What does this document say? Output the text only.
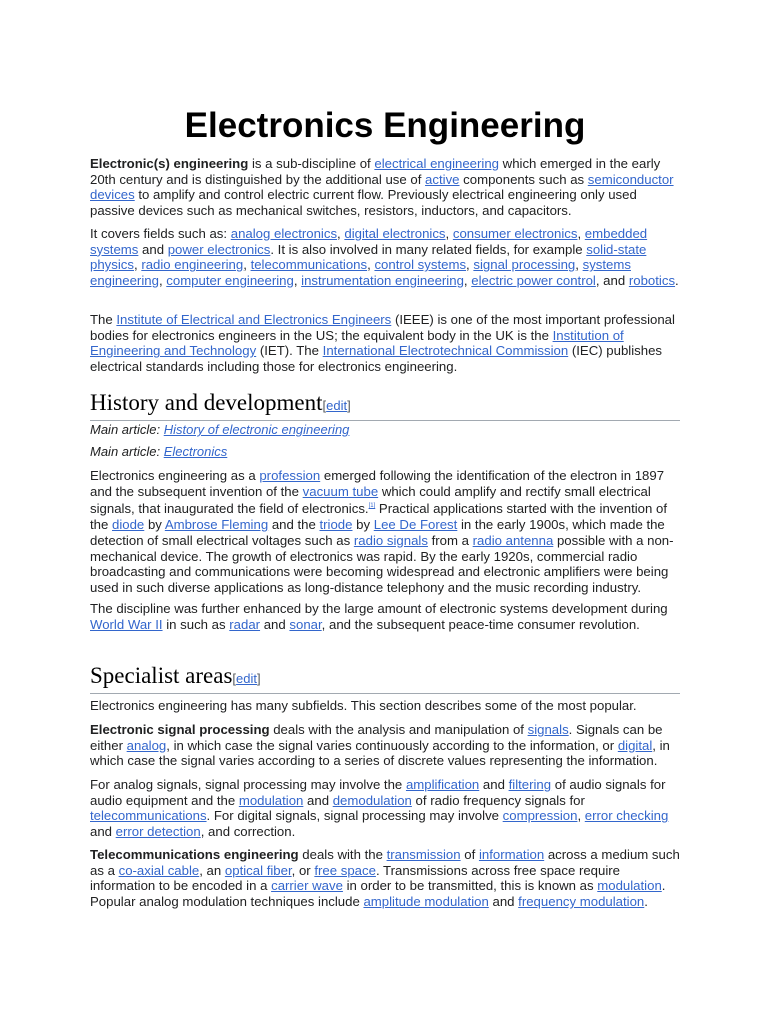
Electronics Engineering

Electronic(s) engineering is a sub-discipline of electrical engineering which emerged in the early 20th century and is distinguished by the additional use of active components such as semiconductor devices to amplify and control electric current flow. Previously electrical engineering only used passive devices such as mechanical switches, resistors, inductors, and capacitors.

It covers fields such as: analog electronics, digital electronics, consumer electronics, embedded systems and power electronics. It is also involved in many related fields, for example solid-state physics, radio engineering, telecommunications, control systems, signal processing, systems engineering, computer engineering, instrumentation engineering, electric power control, and robotics.

The Institute of Electrical and Electronics Engineers (IEEE) is one of the most important professional bodies for electronics engineers in the US; the equivalent body in the UK is the Institution of Engineering and Technology (IET). The International Electrotechnical Commission (IEC) publishes electrical standards including those for electronics engineering.

History and development[edit]

Main article: History of electronic engineering

Main article: Electronics

Electronics engineering as a profession emerged following the identification of the electron in 1897 and the subsequent invention of the vacuum tube which could amplify and rectify small electrical signals, that inaugurated the field of electronics.[1] Practical applications started with the invention of the diode by Ambrose Fleming and the triode by Lee De Forest in the early 1900s, which made the detection of small electrical voltages such as radio signals from a radio antenna possible with a non-mechanical device. The growth of electronics was rapid. By the early 1920s, commercial radio broadcasting and communications were becoming widespread and electronic amplifiers were being used in such diverse applications as long-distance telephony and the music recording industry.

The discipline was further enhanced by the large amount of electronic systems development during World War II in such as radar and sonar, and the subsequent peace-time consumer revolution.

Specialist areas[edit]

Electronics engineering has many subfields. This section describes some of the most popular.

Electronic signal processing deals with the analysis and manipulation of signals. Signals can be either analog, in which case the signal varies continuously according to the information, or digital, in which case the signal varies according to a series of discrete values representing the information.

For analog signals, signal processing may involve the amplification and filtering of audio signals for audio equipment and the modulation and demodulation of radio frequency signals for telecommunications. For digital signals, signal processing may involve compression, error checking and error detection, and correction.

Telecommunications engineering deals with the transmission of information across a medium such as a co-axial cable, an optical fiber, or free space. Transmissions across free space require information to be encoded in a carrier wave in order to be transmitted, this is known as modulation. Popular analog modulation techniques include amplitude modulation and frequency modulation.
